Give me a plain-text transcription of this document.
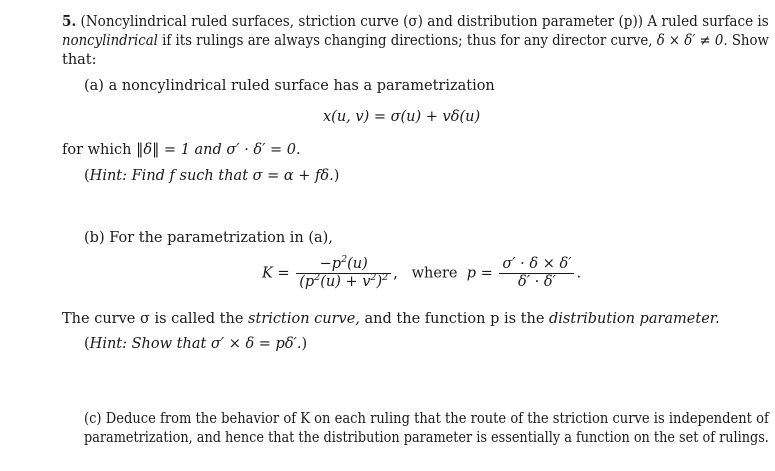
5. (Noncylindrical ruled surfaces, striction curve (σ) and distribution parameter (p)) A ruled surface is
noncylindrical if its rulings are always changing directions; thus for any director curve, δ × δ′ ≠ 0. Show
that:
(a) a noncylindrical ruled surface has a parametrization
x(u, v) = σ(u) + vδ(u)
for which ‖δ‖ = 1 and σ′ · δ′ = 0.
(Hint: Find f such that σ = α + fδ.)
(b) For the parametrization in (a),
$K = \frac{-p^2(u)}{(p^2(u) + v^2)^2}$ , where $p = \frac{\sigma' \cdot \delta \times \delta'}{\delta' \cdot \delta'}$ .
The curve σ is called the striction curve, and the function p is the distribution parameter.
(Hint: Show that σ′ × δ = pδ′.)
(c) Deduce from the behavior of K on each ruling that the route of the striction curve is independent of
parametrization, and hence that the distribution parameter is essentially a function on the set of rulings.
